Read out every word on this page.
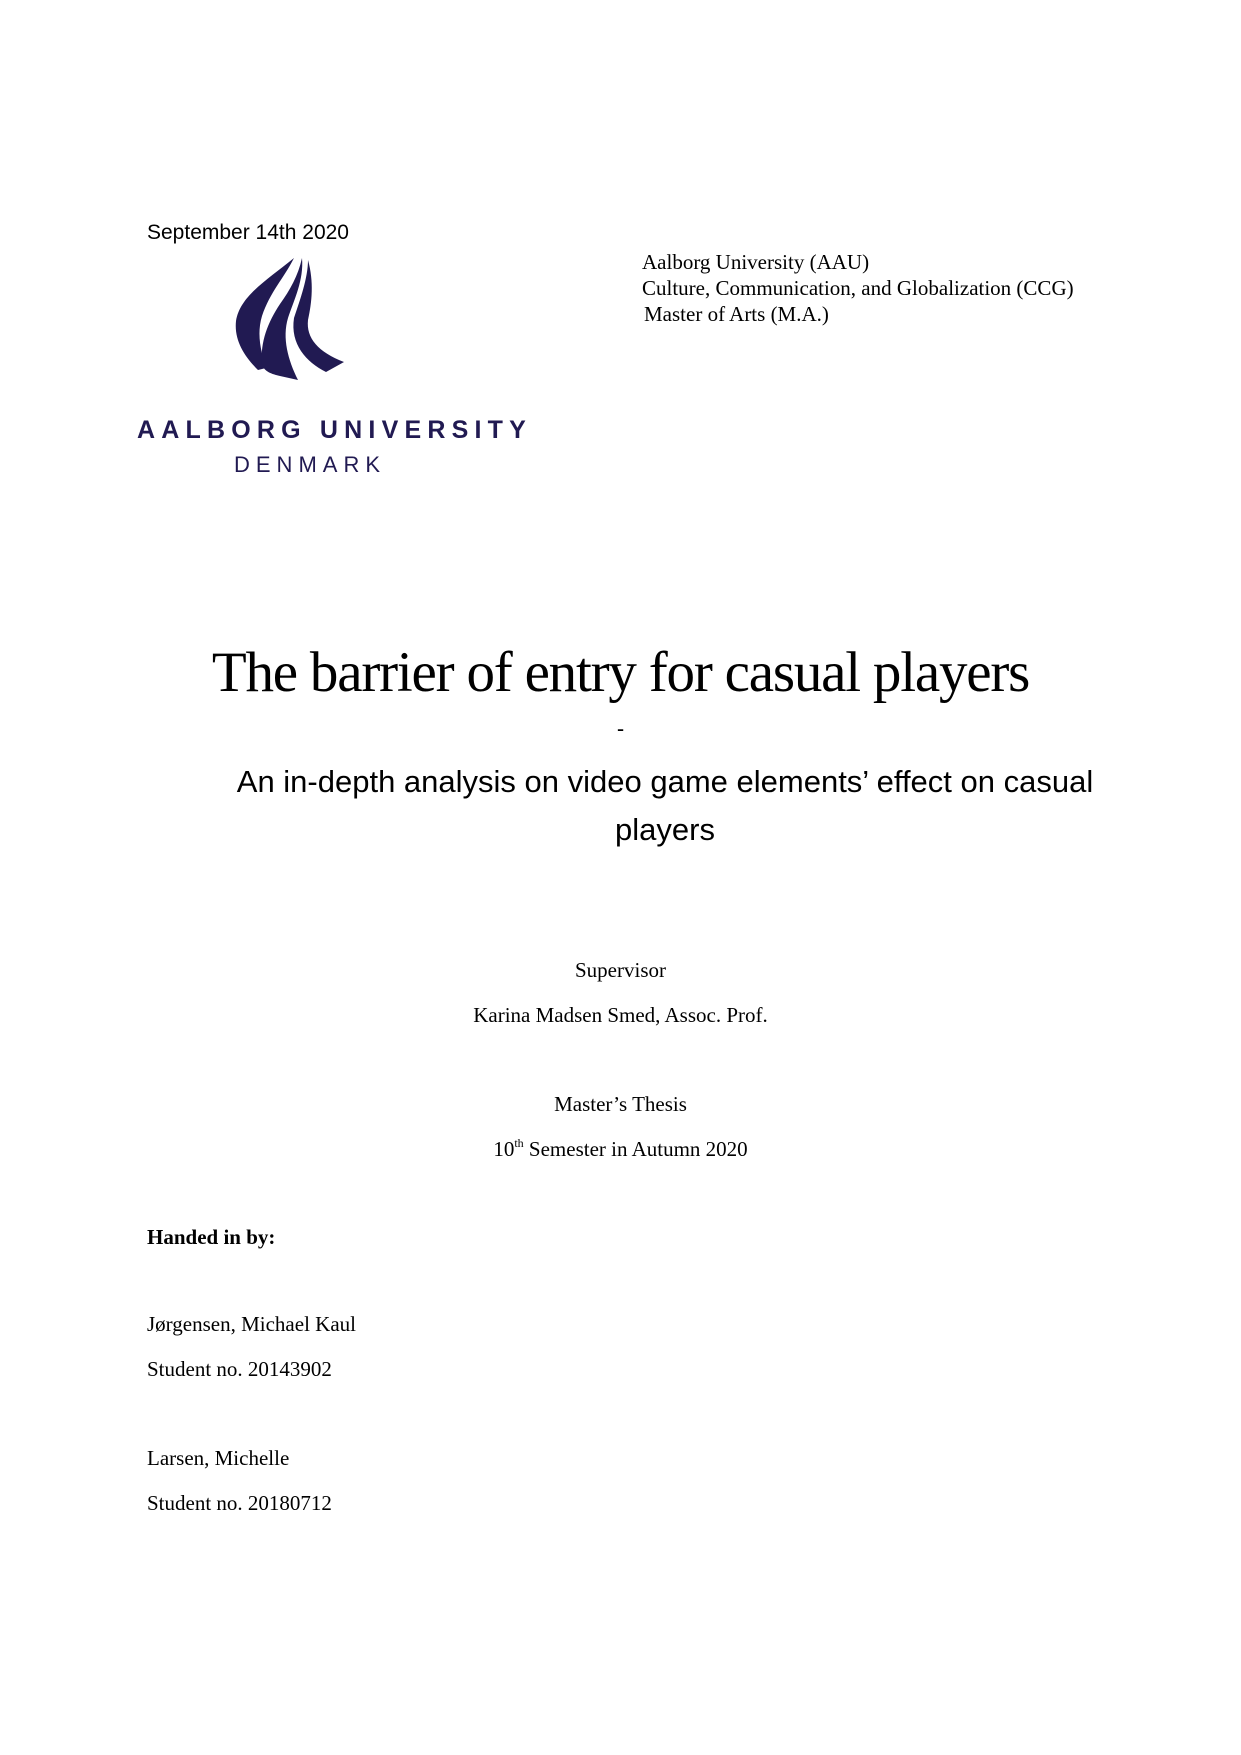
September 14th 2020
AALBORG UNIVERSITY
DENMARK
Aalborg University (AAU)
Culture, Communication, and Globalization (CCG)
Master of Arts (M.A.)
The barrier of entry for casual players
-
An in-depth analysis on video game elements’ effect on casual players
Supervisor
Karina Madsen Smed, Assoc. Prof.
Master’s Thesis
10th Semester in Autumn 2020
Handed in by:
Jørgensen, Michael Kaul
Student no. 20143902
Larsen, Michelle
Student no. 20180712
